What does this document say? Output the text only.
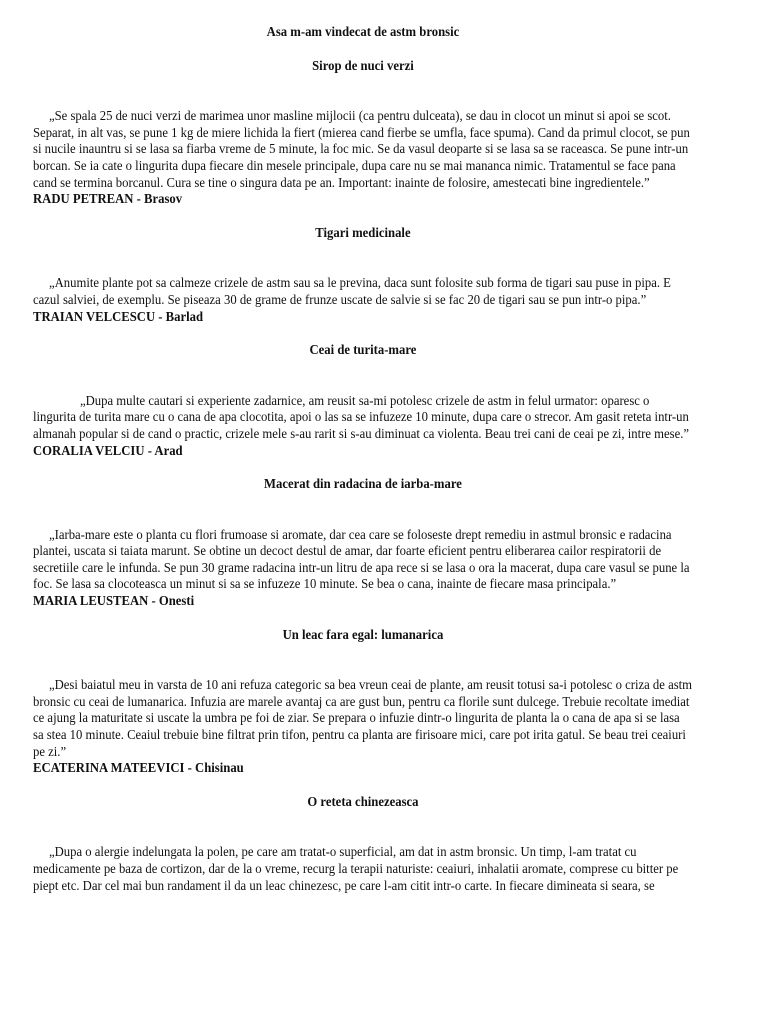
Asa m-am vindecat de astm bronsic

Sirop de nuci verzi

„Se spala 25 de nuci verzi de marimea unor masline mijlocii (ca pentru dulceata), se dau in clocot un minut si apoi se scot. Separat, in alt vas, se pune 1 kg de miere lichida la fiert (mierea cand fierbe se umfla, face spuma). Cand da primul clocot, se pun si nucile inauntru si se lasa sa fiarba vreme de 5 minute, la foc mic. Se da vasul deoparte si se lasa sa se raceasca. Se pune intr-un borcan. Se ia cate o lingurita dupa fiecare din mesele principale, dupa care nu se mai mananca nimic. Tratamentul se face pana cand se termina borcanul. Cura se tine o singura data pe an. Important: inainte de folosire, amestecati bine ingredientele.”

RADU PETREAN - Brasov

Tigari medicinale

„Anumite plante pot sa calmeze crizele de astm sau sa le previna, daca sunt folosite sub forma de tigari sau puse in pipa. E cazul salviei, de exemplu. Se piseaza 30 de grame de frunze uscate de salvie si se fac 20 de tigari sau se pun intr-o pipa.”

TRAIAN VELCESCU - Barlad

Ceai de turita-mare

„Dupa multe cautari si experiente zadarnice, am reusit sa-mi potolesc crizele de astm in felul urmator: oparesc o lingurita de turita mare cu o cana de apa clocotita, apoi o las sa se infuzeze 10 minute, dupa care o strecor. Am gasit reteta intr-un almanah popular si de cand o practic, crizele mele s-au rarit si s-au diminuat ca violenta. Beau trei cani de ceai pe zi, intre mese.”

CORALIA VELCIU - Arad

Macerat din radacina de iarba-mare

„Iarba-mare este o planta cu flori frumoase si aromate, dar cea care se foloseste drept remediu in astmul bronsic e radacina plantei, uscata si taiata marunt. Se obtine un decoct destul de amar, dar foarte eficient pentru eliberarea cailor respiratorii de secretiile care le infunda. Se pun 30 grame radacina intr-un litru de apa rece si se lasa o ora la macerat, dupa care vasul se pune la foc. Se lasa sa clocoteasca un minut si sa se infuzeze 10 minute. Se bea o cana, inainte de fiecare masa principala.”

MARIA LEUSTEAN - Onesti

Un leac fara egal: lumanarica

„Desi baiatul meu in varsta de 10 ani refuza categoric sa bea vreun ceai de plante, am reusit totusi sa-i potolesc o criza de astm bronsic cu ceai de lumanarica. Infuzia are marele avantaj ca are gust bun, pentru ca florile sunt dulcege. Trebuie recoltate imediat ce ajung la maturitate si uscate la umbra pe foi de ziar. Se prepara o infuzie dintr-o lingurita de planta la o cana de apa si se lasa sa stea 10 minute. Ceaiul trebuie bine filtrat prin tifon, pentru ca planta are firisoare mici, care pot irita gatul. Se beau trei ceaiuri pe zi.”

ECATERINA MATEEVICI - Chisinau

O reteta chinezeasca

„Dupa o alergie indelungata la polen, pe care am tratat-o superficial, am dat in astm bronsic. Un timp, l-am tratat cu medicamente pe baza de cortizon, dar de la o vreme, recurg la terapii naturiste: ceaiuri, inhalatii aromate, comprese cu bitter pe piept etc. Dar cel mai bun randament il da un leac chinezesc, pe care l-am citit intr-o carte. In fiecare dimineata si seara, se
